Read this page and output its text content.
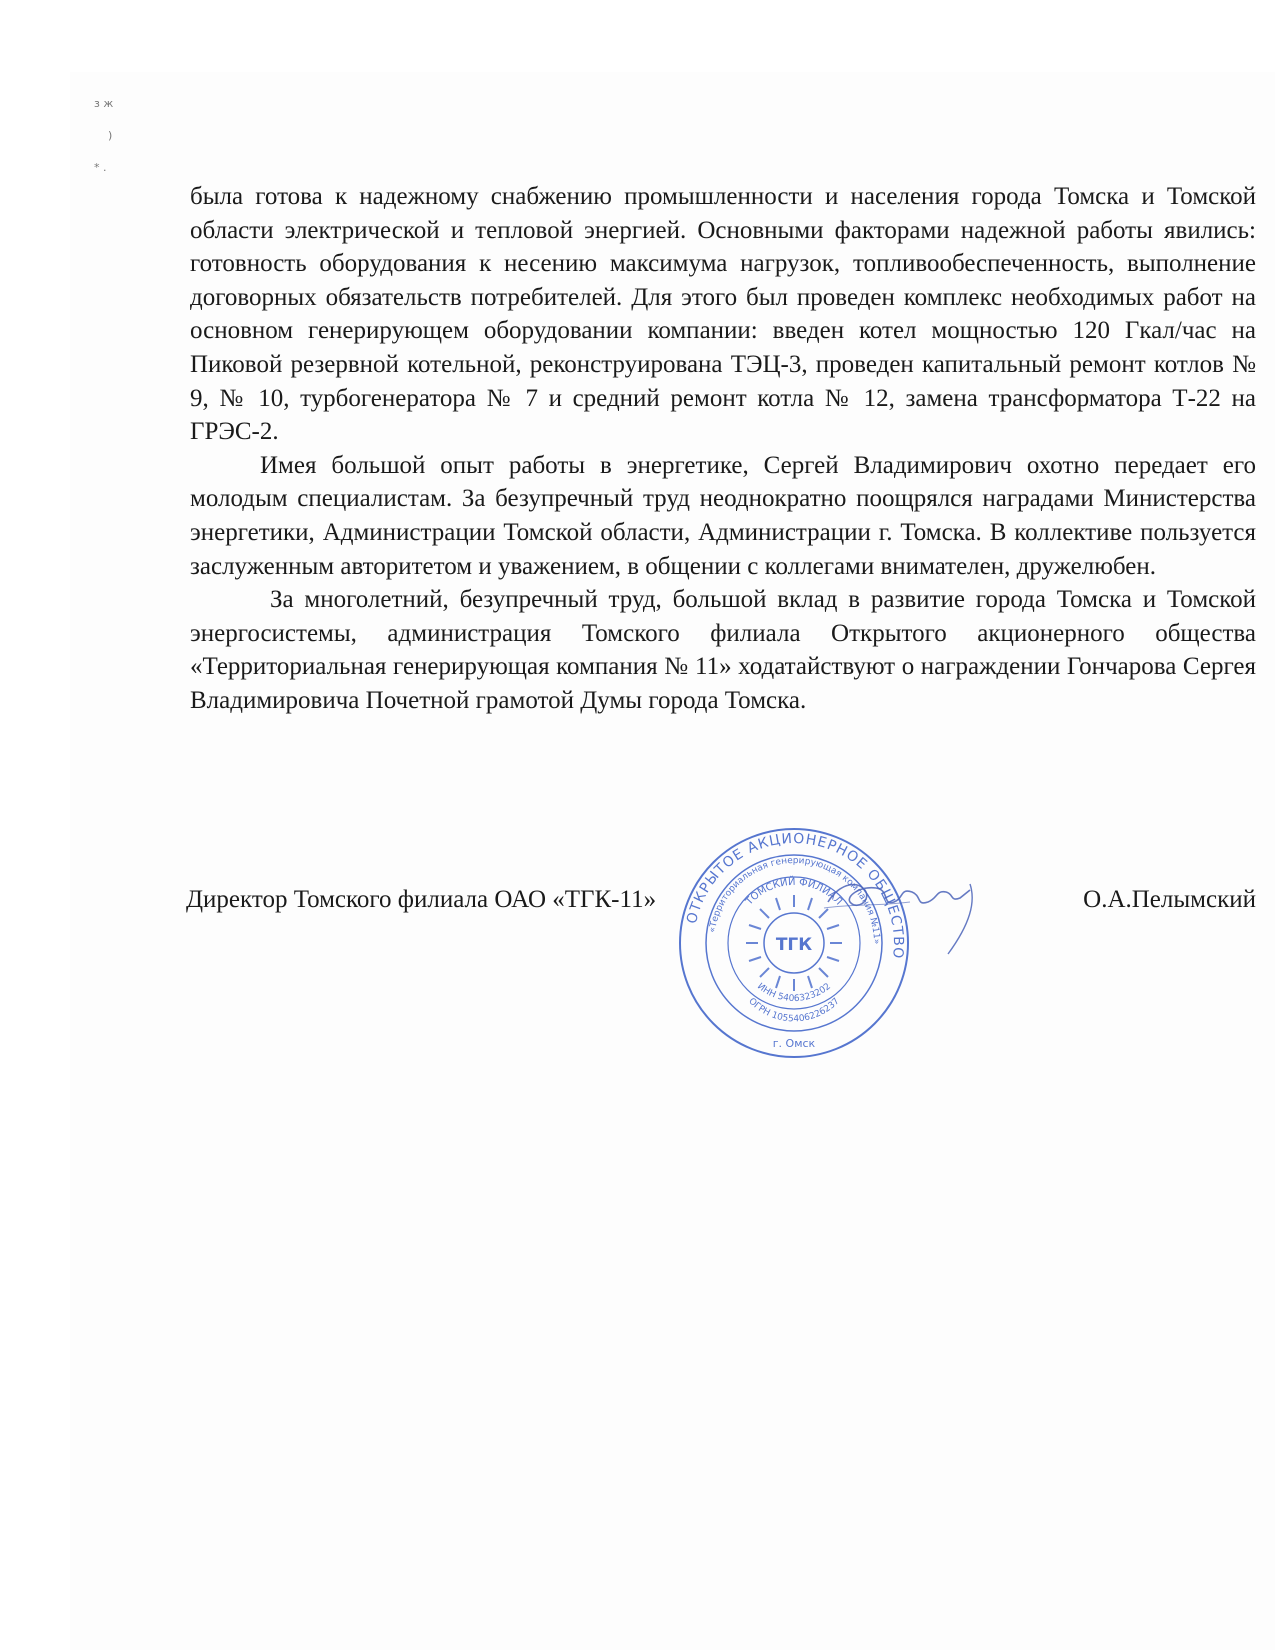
з ж
)
* .

была готова к надежному снабжению промышленности и населения города Томска и Томской области электрической и тепловой энергией. Основными факторами надежной работы явились: готовность оборудования к несению максимума нагрузок, топливообеспеченность, выполнение договорных обязательств потребителей. Для этого был проведен комплекс необходимых работ на основном генерирующем оборудовании компании: введен котел мощностью 120 Гкал/час на Пиковой резервной котельной, реконструирована ТЭЦ-3, проведен капитальный ремонт котлов № 9, № 10, турбогенератора № 7 и средний ремонт котла № 12, замена трансформатора Т-22 на ГРЭС-2.

Имея большой опыт работы в энергетике, Сергей Владимирович охотно передает его молодым специалистам. За безупречный труд неоднократно поощрялся наградами Министерства энергетики, Администрации Томской области, Администрации г. Томска. В коллективе пользуется заслуженным авторитетом и уважением, в общении с коллегами внимателен, дружелюбен.

За многолетний, безупречный труд, большой вклад в развитие города Томска и Томской энергосистемы, администрация Томского филиала Открытого акционерного общества «Территориальная генерирующая компания № 11» ходатайствуют о награждении Гончарова Сергея Владимировича Почетной грамотой Думы города Томска.

Директор Томского филиала ОАО «ТГК-11»	О.А.Пелымский
ТГК
ОТКРЫТОЕ АКЦИОНЕРНОЕ ОБЩЕСТВО
«Территориальная генерирующая компания №11»
ТОМСКИЙ ФИЛИАЛ
ИНН 5406323202
ОГРН 1055406226237
г. Омск
